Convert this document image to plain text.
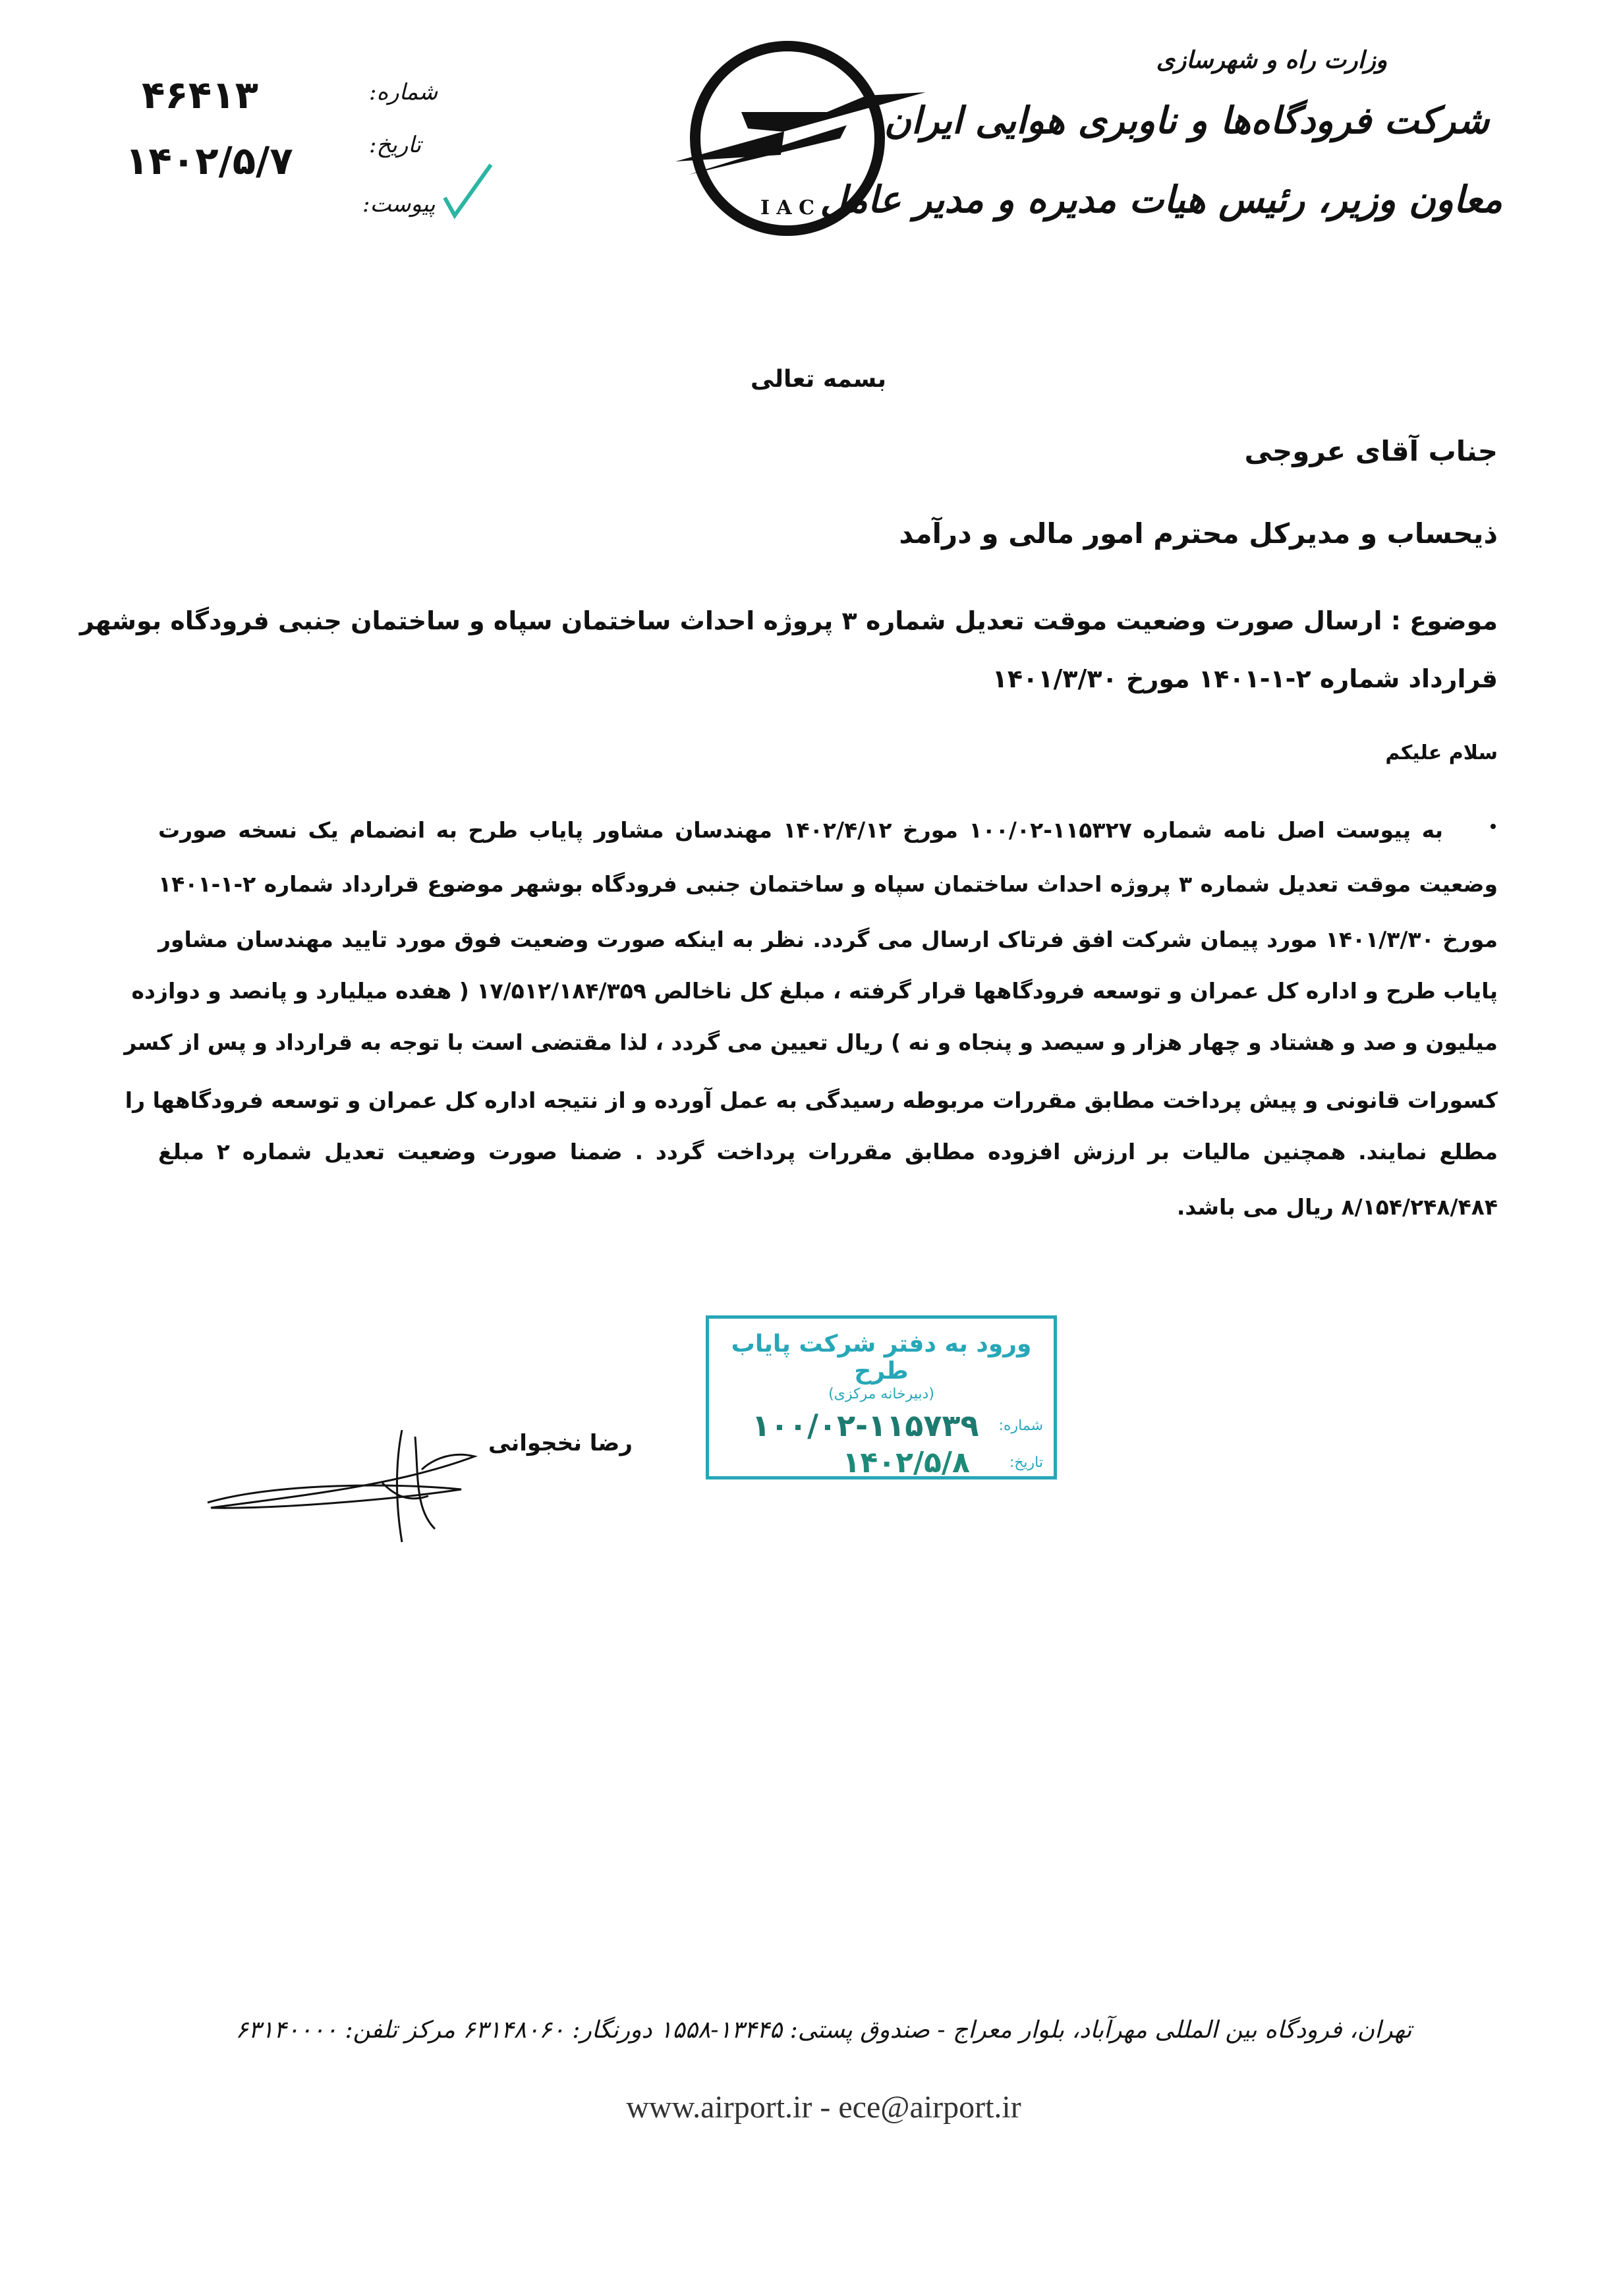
وزارت راه و شهرسازی
شرکت فرودگاه‌ها و ناوبری هوایی ایران
معاون وزیر، رئیس هیات مدیره و مدیر عامل
I A C
شماره:
تاریخ:
پیوست:
۴۶۴۱۳
۱۴۰۲/۵/۷
بسمه تعالی
جناب آقای عروجی
ذیحساب و مدیرکل محترم امور مالی و درآمد
موضوع : ارسال صورت وضعیت موقت تعدیل شماره ۳ پروژه احداث ساختمان سپاه و ساختمان جنبی فرودگاه بوشهر
قرارداد شماره ۲-۱-۱۴۰۱ مورخ ۱۴۰۱/۳/۳۰
سلام علیکم
به پیوست اصل نامه شماره ۱۱۵۳۲۷-۱۰۰/۰۲ مورخ ۱۴۰۲/۴/۱۲ مهندسان مشاور پایاب طرح به انضمام یک نسخه صورت
وضعیت موقت تعدیل شماره ۳ پروژه احداث ساختمان سپاه و ساختمان جنبی فرودگاه بوشهر موضوع قرارداد شماره ۲-۱-۱۴۰۱
مورخ ۱۴۰۱/۳/۳۰ مورد پیمان شرکت افق فرتاک ارسال می گردد. نظر به اینکه صورت وضعیت فوق مورد تایید مهندسان مشاور
پایاب طرح و اداره کل عمران و توسعه فرودگاهها قرار گرفته ، مبلغ کل ناخالص ۱۷/۵۱۲/۱۸۴/۳۵۹ ( هفده میلیارد و پانصد و دوازده
میلیون و صد و هشتاد و چهار هزار و سیصد و پنجاه و نه ) ریال تعیین می گردد ، لذا مقتضی است با توجه به قرارداد و پس از کسر
کسورات قانونی و پیش پرداخت مطابق مقررات مربوطه رسیدگی به عمل آورده و از نتیجه اداره کل عمران و توسعه فرودگاهها را
مطلع نمایند. همچنین مالیات بر ارزش افزوده مطابق مقررات پرداخت گردد . ضمنا صورت وضعیت تعدیل شماره ۲ مبلغ
۸/۱۵۴/۲۴۸/۴۸۴ ریال می باشد.
ورود به دفتر شرکت پایاب طرح
(دبیرخانه مرکزی)
شماره:
۱۰۰/۰۲-۱۱۵۷۳۹
تاریخ:
۱۴۰۲/۵/۸
رضا نخجوانی
تهران، فرودگاه بین المللی مهرآباد، بلوار معراج - صندوق پستی: ۱۳۴۴۵-۱۵۵۸ دورنگار: ۶۳۱۴۸۰۶۰ مرکز تلفن: ۶۳۱۴۰۰۰۰
www.airport.ir - ece@airport.ir
